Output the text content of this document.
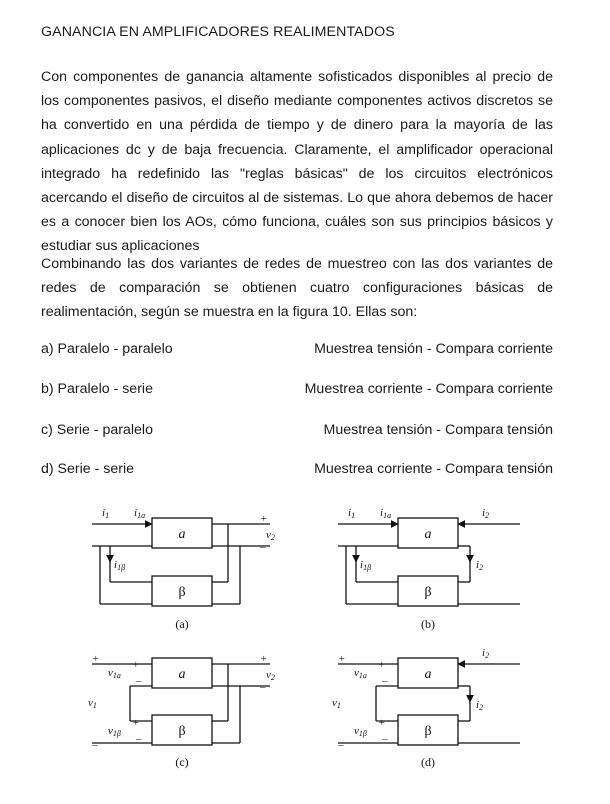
GANANCIA EN AMPLIFICADORES REALIMENTADOS

Con componentes de ganancia altamente sofisticados disponibles al precio de los componentes pasivos, el diseño mediante componentes activos discretos se ha convertido en una pérdida de tiempo y de dinero para la mayoría de las aplicaciones dc y de baja frecuencia. Claramente, el amplificador operacional integrado ha redefinido las "reglas básicas" de los circuitos electrónicos acercando el diseño de circuitos al de sistemas. Lo que ahora debemos de hacer es a conocer bien los AOs, cómo funciona, cuáles son sus principios básicos y estudiar sus aplicaciones

Combinando las dos variantes de redes de muestreo con las dos variantes de redes de comparación se obtienen cuatro configuraciones básicas de realimentación, según se muestra en la figura 10. Ellas son:

a) Paralelo - paralelo	Muestrea tensión - Compara corriente
b) Paralelo - serie	Muestrea corriente - Compara corriente
c) Serie - paralelo	Muestrea tensión - Compara tensión
d) Serie - serie	Muestrea corriente - Compara tensión
a	a
a	a
β	β
β	β
(a)	(b)
(c)	(d)
i1 i1a
i1β
+
–
v2
i1 i1a
i1β
i2
i2
+
–
v1
v1a
+
–
v1β
+
–
+
–
v2
+
–
v1
v1a
+
–
v1β
+
–
i2
i2
